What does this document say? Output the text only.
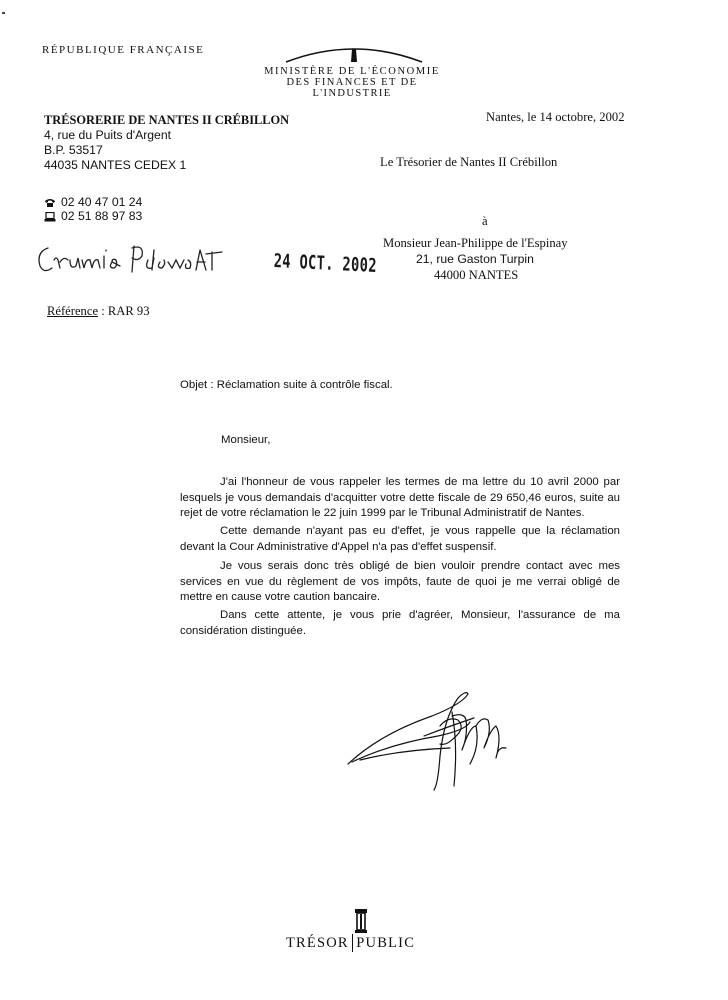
RÉPUBLIQUE FRANÇAISE
MINISTÈRE DE L'ÉCONOMIE
DES FINANCES ET DE L'INDUSTRIE
TRÉSORERIE DE NANTES II CRÉBILLON
4, rue du Puits d'Argent
B.P. 53517
44035 NANTES CEDEX 1
02 40 47 01 24
02 51 88 97 83
Nantes, le 14 octobre, 2002
Le Trésorier de Nantes II Crébillon
à
Monsieur Jean-Philippe de l'Espinay
21, rue Gaston Turpin
44000 NANTES
24 OCT. 2002
Référence : RAR 93
Objet : Réclamation suite à contrôle fiscal.
Monsieur,
J'ai l'honneur de vous rappeler les termes de ma lettre du 10 avril 2000 par lesquels je vous demandais d'acquitter votre dette fiscale de 29 650,46 euros, suite au rejet de votre réclamation le 22 juin 1999 par le Tribunal Administratif de Nantes.
Cette demande n'ayant pas eu d'effet, je vous rappelle que la réclamation devant la Cour Administrative d'Appel n'a pas d'effet suspensif.
Je vous serais donc très obligé de bien vouloir prendre contact avec mes services en vue du règlement de vos impôts, faute de quoi je me verrai obligé de mettre en cause votre caution bancaire.
Dans cette attente, je vous prie d'agréer, Monsieur, l'assurance de ma considération distinguée.
TRÉSOR PUBLIC
